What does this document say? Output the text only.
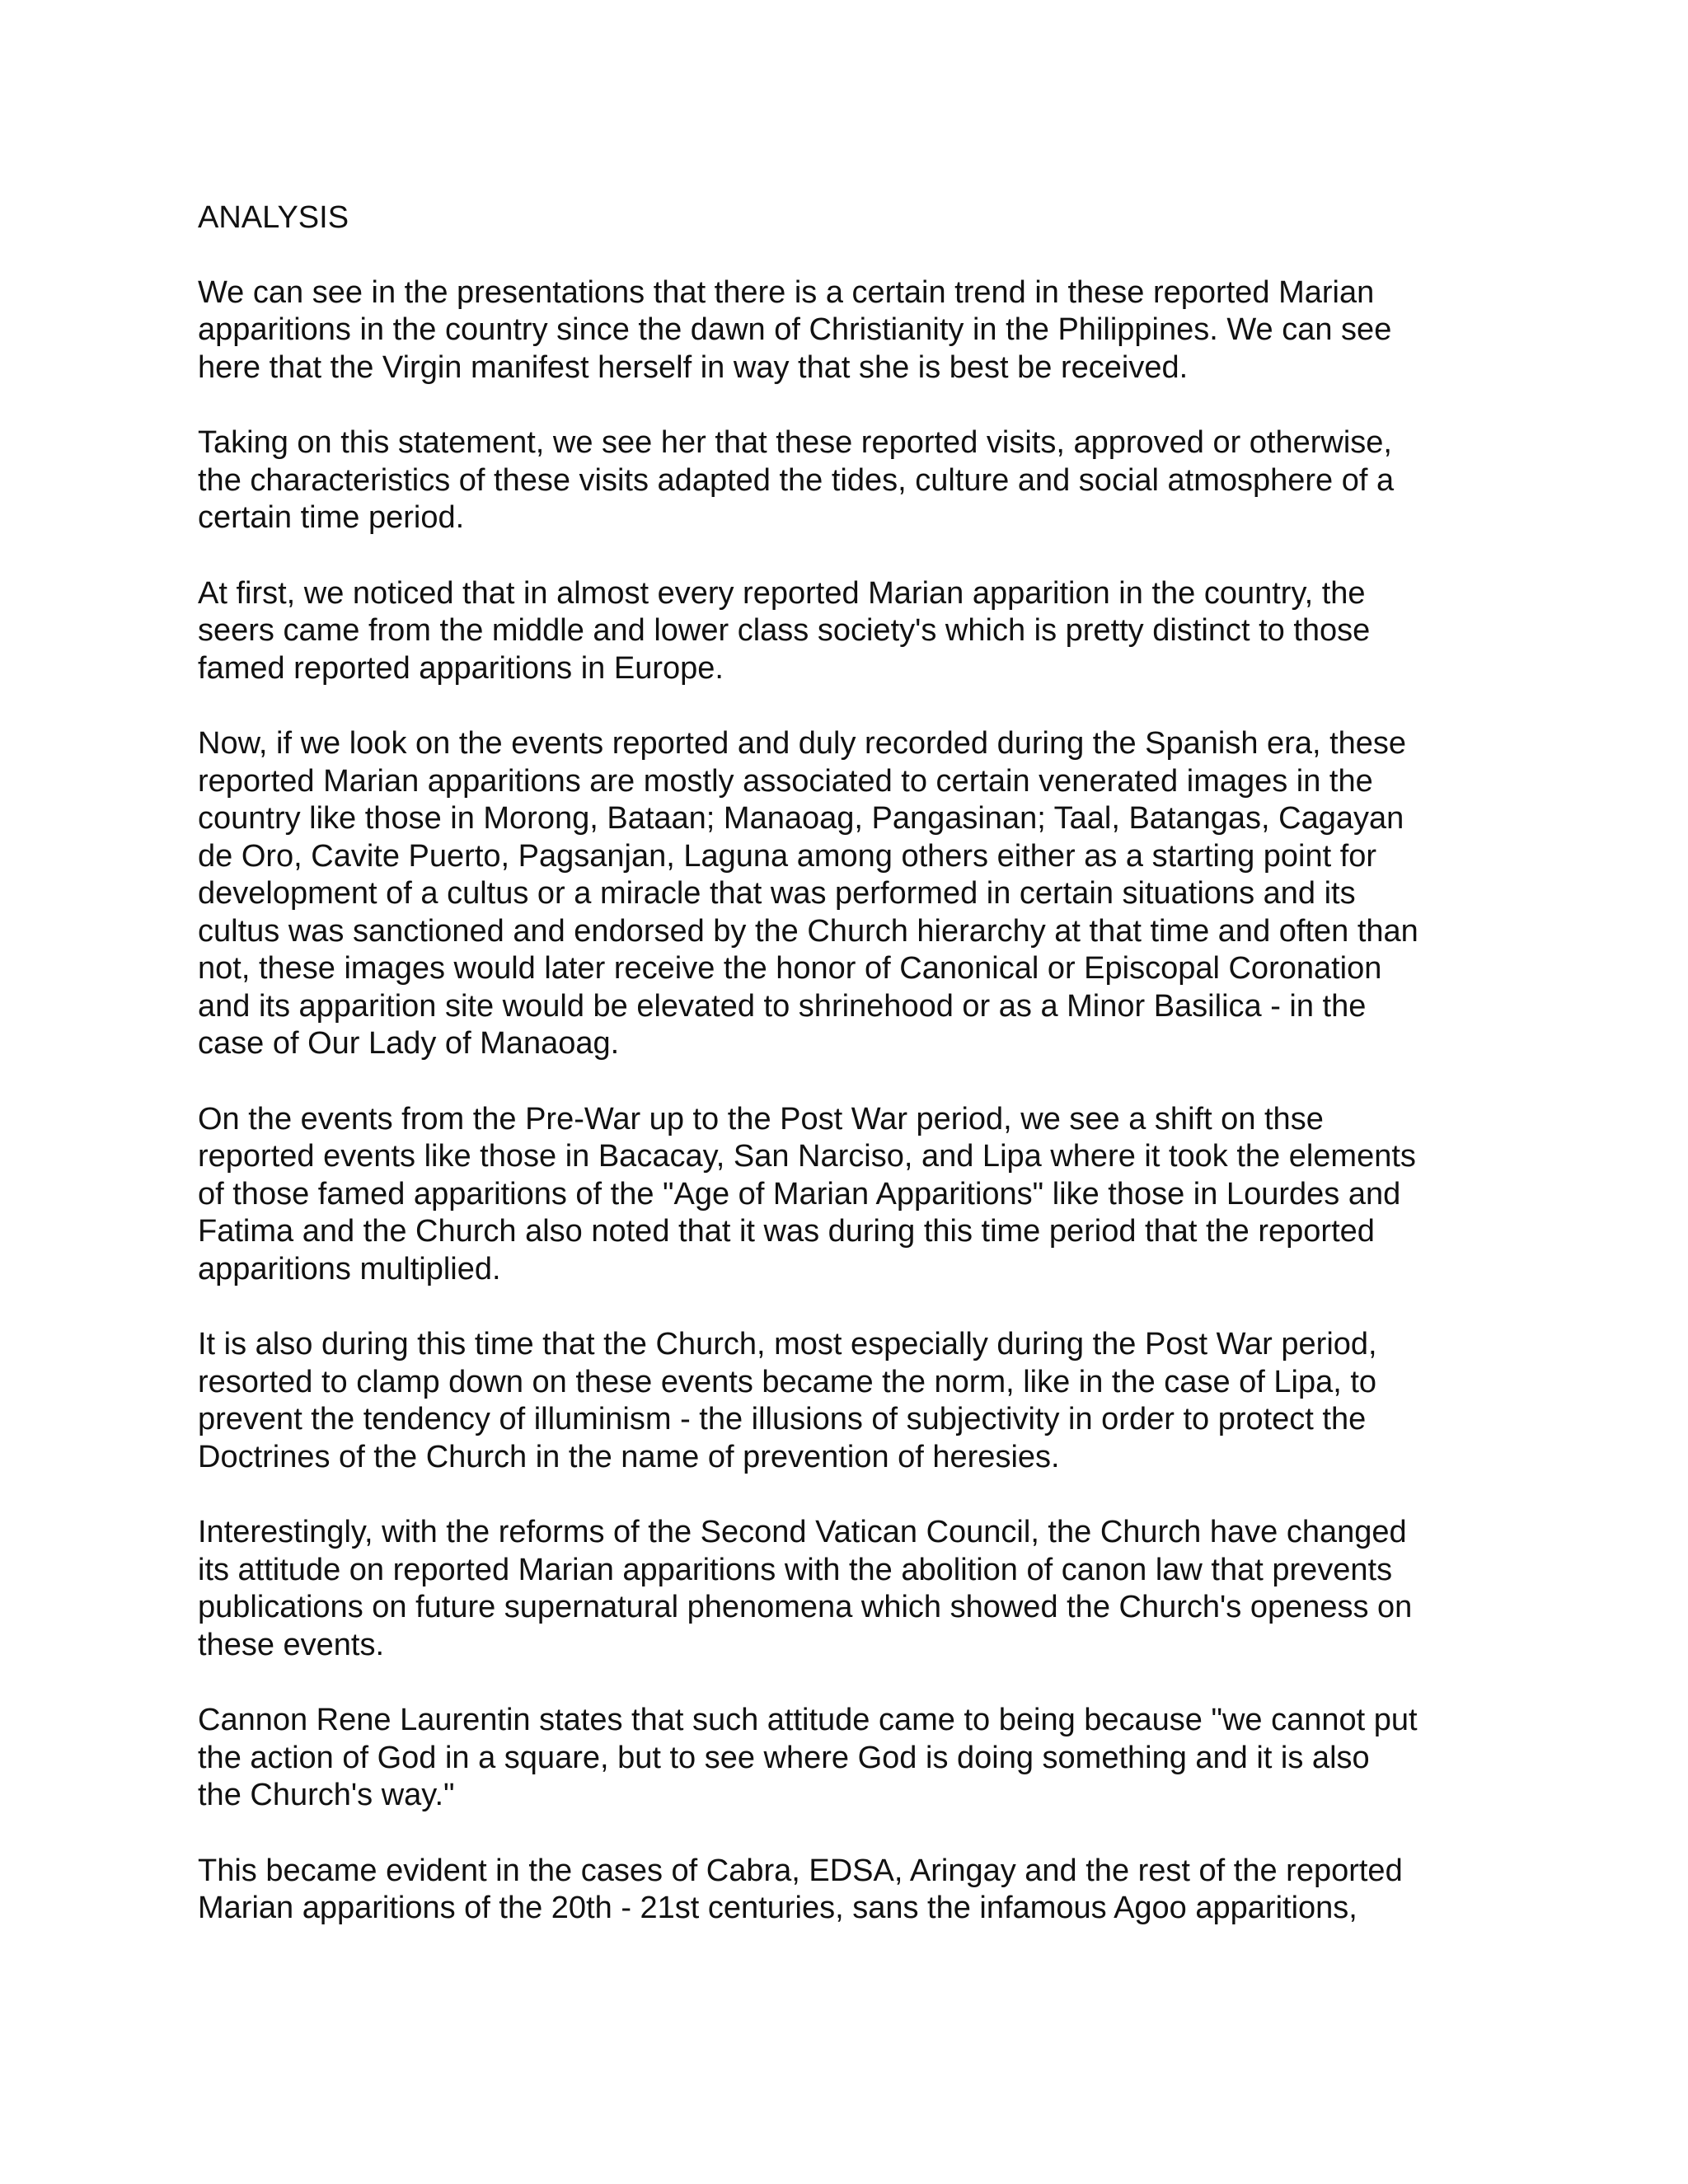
ANALYSIS
We can see in the presentations that there is a certain trend in these reported Marian
apparitions in the country since the dawn of Christianity in the Philippines. We can see
here that the Virgin manifest herself in way that she is best be received.
Taking on this statement, we see her that these reported visits, approved or otherwise,
the characteristics of these visits adapted the tides, culture and social atmosphere of a
certain time period.
At first, we noticed that in almost every reported Marian apparition in the country, the
seers came from the middle and lower class society's which is pretty distinct to those
famed reported apparitions in Europe.
Now, if we look on the events reported and duly recorded during the Spanish era, these
reported Marian apparitions are mostly associated to certain venerated images in the
country like those in Morong, Bataan; Manaoag, Pangasinan; Taal, Batangas, Cagayan
de Oro, Cavite Puerto, Pagsanjan, Laguna among others either as a starting point for
development of a cultus or a miracle that was performed in certain situations and its
cultus was sanctioned and endorsed by the Church hierarchy at that time and often than
not, these images would later receive the honor of Canonical or Episcopal Coronation
and its apparition site would be elevated to shrinehood or as a Minor Basilica - in the
case of Our Lady of Manaoag.
On the events from the Pre-War up to the Post War period, we see a shift on thse
reported events like those in Bacacay, San Narciso, and Lipa where it took the elements
of those famed apparitions of the "Age of Marian Apparitions" like those in Lourdes and
Fatima and the Church also noted that it was during this time period that the reported
apparitions multiplied.
It is also during this time that the Church, most especially during the Post War period,
resorted to clamp down on these events became the norm, like in the case of Lipa, to
prevent the tendency of illuminism - the illusions of subjectivity in order to protect the
Doctrines of the Church in the name of prevention of heresies.
Interestingly, with the reforms of the Second Vatican Council, the Church have changed
its attitude on reported Marian apparitions with the abolition of canon law that prevents
publications on future supernatural phenomena which showed the Church's openess on
these events.
Cannon Rene Laurentin states that such attitude came to being because "we cannot put
the action of God in a square, but to see where God is doing something and it is also
the Church's way."
This became evident in the cases of Cabra, EDSA, Aringay and the rest of the reported
Marian apparitions of the 20th - 21st centuries, sans the infamous Agoo apparitions,
